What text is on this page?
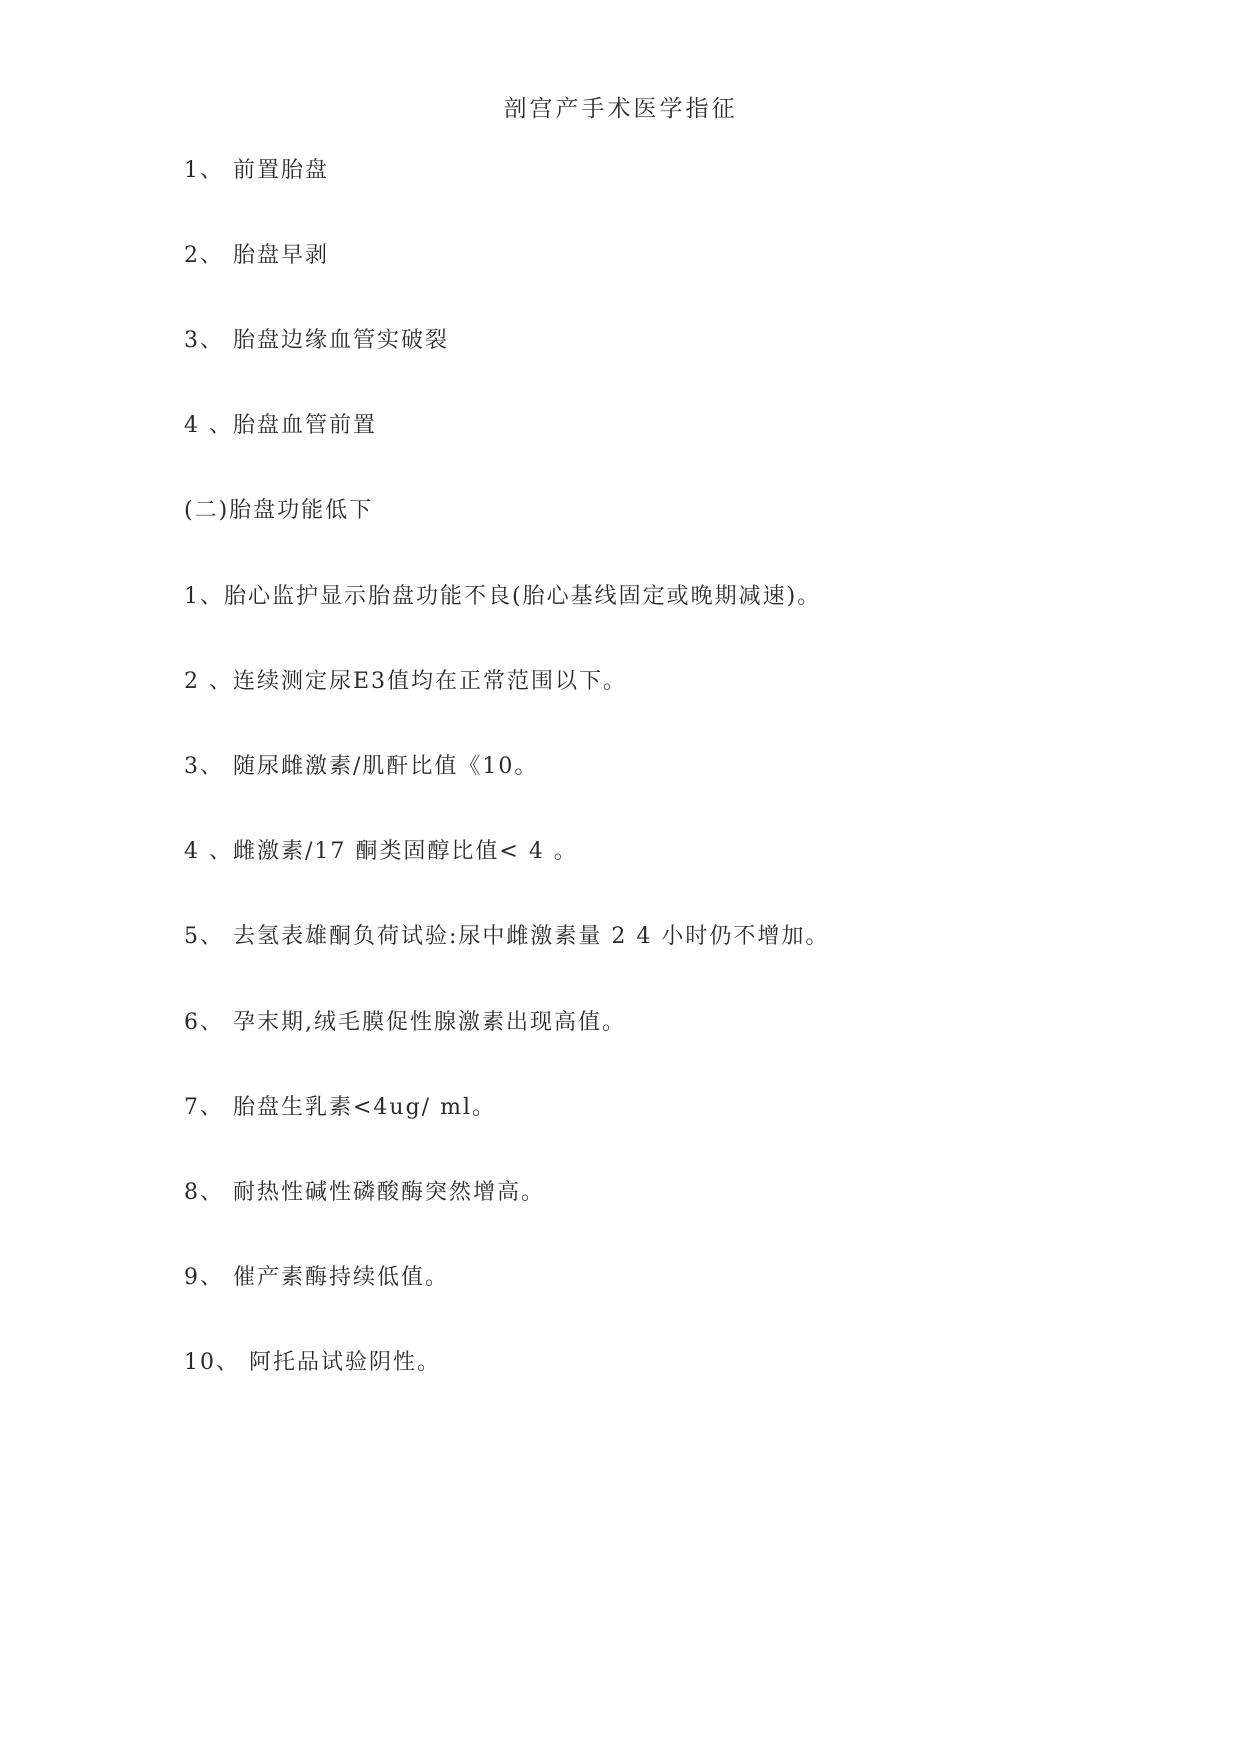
剖宫产手术医学指征
1、 前置胎盘
2、 胎盘早剥
3、 胎盘边缘血管实破裂
4 、胎盘血管前置
(二)胎盘功能低下
1、胎心监护显示胎盘功能不良(胎心基线固定或晚期减速)。
2 、连续测定尿E3值均在正常范围以下。
3、 随尿雌激素/肌酐比值《10。
4 、雌激素/17 酮类固醇比值< 4 。
5、 去氢表雄酮负荷试验:尿中雌激素量 2 4 小时仍不增加。
6、 孕末期,绒毛膜促性腺激素出现高值。
7、 胎盘生乳素<4ug/ ml。
8、 耐热性碱性磷酸酶突然增高。
9、 催产素酶持续低值。
10、 阿托品试验阴性。
